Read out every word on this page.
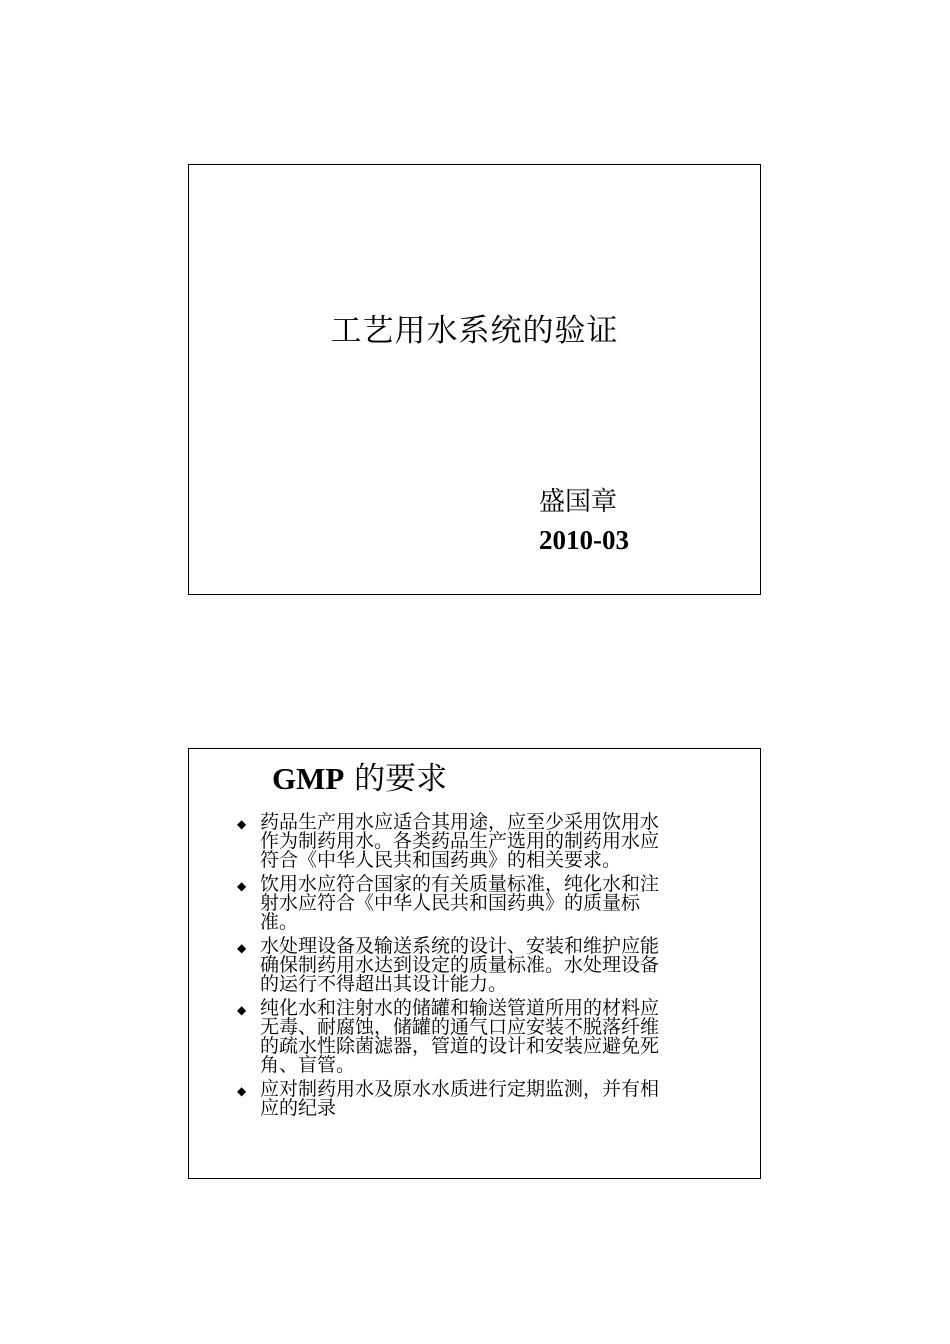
工艺用水系统的验证
盛国章
2010-03
GMP 的要求
◆ 药品生产用水应适合其用途，应至少采用饮用水
作为制药用水。各类药品生产选用的制药用水应
符合《中华人民共和国药典》的相关要求。
◆ 饮用水应符合国家的有关质量标准，纯化水和注
射水应符合《中华人民共和国药典》的质量标
准。
◆ 水处理设备及输送系统的设计、安装和维护应能
确保制药用水达到设定的质量标准。水处理设备
的运行不得超出其设计能力。
◆ 纯化水和注射水的储罐和输送管道所用的材料应
无毒、耐腐蚀，储罐的通气口应安装不脱落纤维
的疏水性除菌滤器，管道的设计和安装应避免死
角、盲管。
◆ 应对制药用水及原水水质进行定期监测，并有相
应的纪录
